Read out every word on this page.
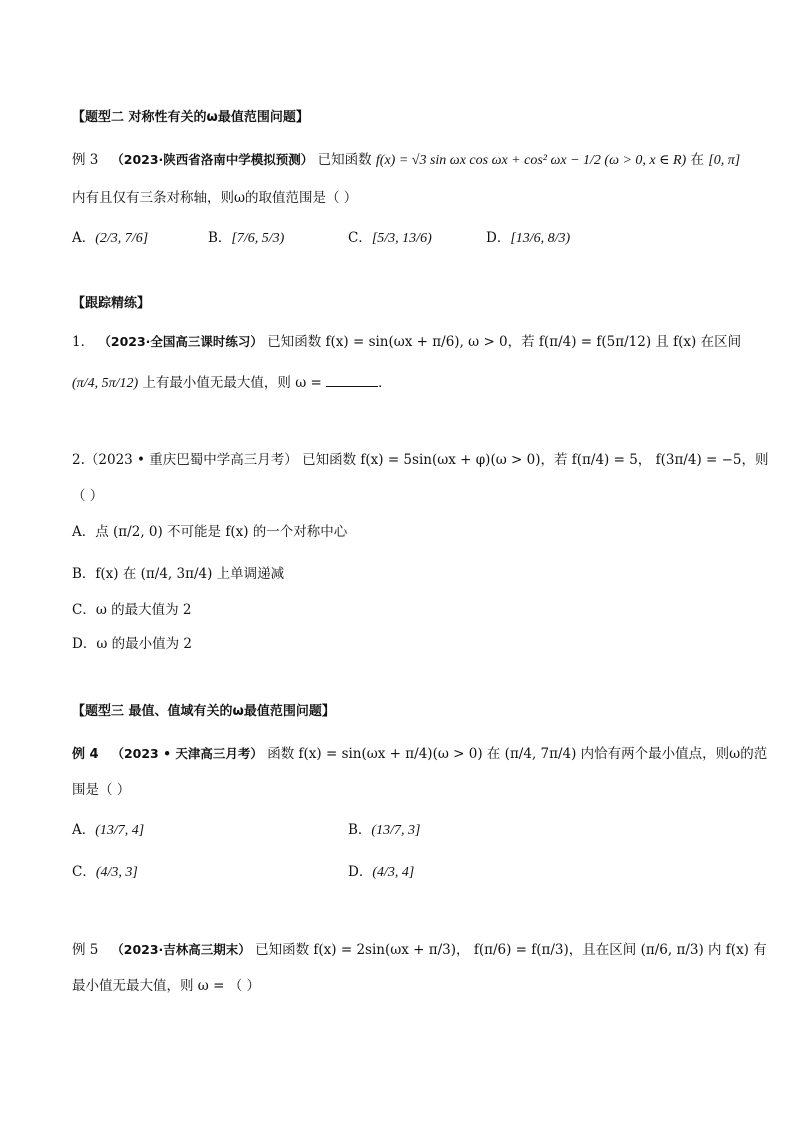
【题型二 对称性有关的ω最值范围问题】
例 3 （2023·陕西省洛南中学模拟预测） 已知函数 f(x) = √3 sin ωx cos ωx + cos² ωx − 1/2 (ω > 0, x ∈ R) 在 [0, π]
内有且仅有三条对称轴，则ω的取值范围是（ ）
A．(2/3, 7/6]	B．[7/6, 5/3)	C．[5/3, 13/6)	D．[13/6, 8/3)
【跟踪精练】
1． （2023·全国高三课时练习） 已知函数 f(x) = sin(ωx + π/6), ω > 0，若 f(π/4) = f(5π/12) 且 f(x) 在区间
(π/4, 5π/12) 上有最小值无最大值，则 ω =	．
2.（2023 • 重庆巴蜀中学高三月考） 已知函数 f(x) = 5sin(ωx + φ)(ω > 0)，若 f(π/4) = 5， f(3π/4) = −5，则
（ ）
A．点 (π/2, 0) 不可能是 f(x) 的一个对称中心
B．f(x) 在 (π/4, 3π/4) 上单调递减
C．ω 的最大值为 2
D．ω 的最小值为 2
【题型三 最值、值域有关的ω最值范围问题】
例 4 （2023 • 天津高三月考） 函数 f(x) = sin(ωx + π/4)(ω > 0) 在 (π/4, 7π/4) 内恰有两个最小值点，则ω的范
围是（ ）
A．(13/7, 4]	B．(13/7, 3]
C．(4/3, 3]	D．(4/3, 4]
例 5 （2023·吉林高三期末） 已知函数 f(x) = 2sin(ωx + π/3)， f(π/6) = f(π/3)，且在区间 (π/6, π/3) 内 f(x) 有
最小值无最大值，则 ω = （ ）
